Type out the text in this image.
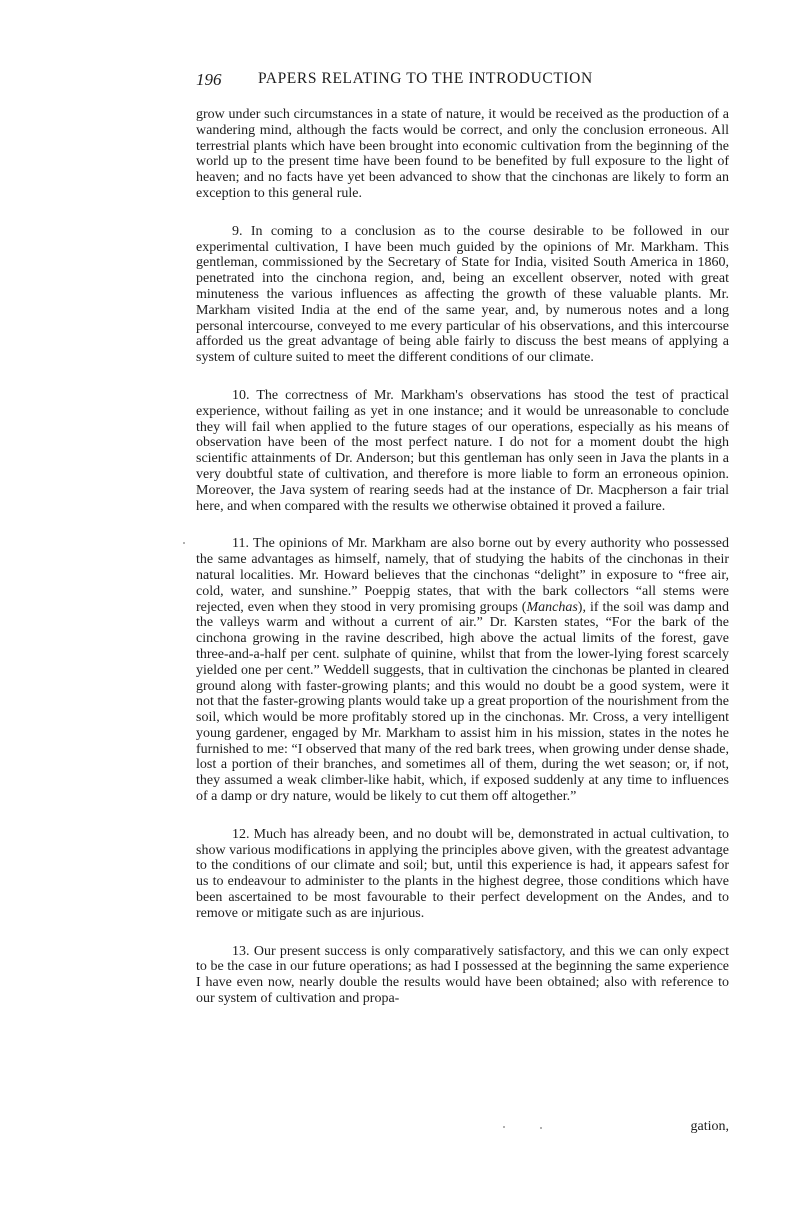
196 PAPERS RELATING TO THE INTRODUCTION

grow under such circumstances in a state of nature, it would be received as the production of a wandering mind, although the facts would be correct, and only the conclusion erroneous. All terrestrial plants which have been brought into economic cultivation from the beginning of the world up to the present time have been found to be benefited by full exposure to the light of heaven; and no facts have yet been advanced to show that the cinchonas are likely to form an exception to this general rule.

9. In coming to a conclusion as to the course desirable to be followed in our experimental cultivation, I have been much guided by the opinions of Mr. Markham. This gentleman, commissioned by the Secretary of State for India, visited South America in 1860, penetrated into the cinchona region, and, being an excellent observer, noted with great minuteness the various influences as affecting the growth of these valuable plants. Mr. Markham visited India at the end of the same year, and, by numerous notes and a long personal intercourse, conveyed to me every particular of his observations, and this intercourse afforded us the great advantage of being able fairly to discuss the best means of applying a system of culture suited to meet the different conditions of our climate.

10. The correctness of Mr. Markham's observations has stood the test of practical experience, without failing as yet in one instance; and it would be unreasonable to conclude they will fail when applied to the future stages of our operations, especially as his means of observation have been of the most perfect nature. I do not for a moment doubt the high scientific attainments of Dr. Anderson; but this gentleman has only seen in Java the plants in a very doubtful state of cultivation, and therefore is more liable to form an erroneous opinion. Moreover, the Java system of rearing seeds had at the instance of Dr. Macpherson a fair trial here, and when compared with the results we otherwise obtained it proved a failure.

11. The opinions of Mr. Markham are also borne out by every authority who possessed the same advantages as himself, namely, that of studying the habits of the cinchonas in their natural localities. Mr. Howard believes that the cinchonas “delight” in exposure to “free air, cold, water, and sunshine.” Poeppig states, that with the bark collectors “all stems were rejected, even when they stood in very promising groups (Manchas), if the soil was damp and the valleys warm and without a current of air.” Dr. Karsten states, “For the bark of the cinchona growing in the ravine described, high above the actual limits of the forest, gave three-and-a-half per cent. sulphate of quinine, whilst that from the lower-lying forest scarcely yielded one per cent.” Weddell suggests, that in cultivation the cinchonas be planted in cleared ground along with faster-growing plants; and this would no doubt be a good system, were it not that the faster-growing plants would take up a great proportion of the nourishment from the soil, which would be more profitably stored up in the cinchonas. Mr. Cross, a very intelligent young gardener, engaged by Mr. Markham to assist him in his mission, states in the notes he furnished to me: “I observed that many of the red bark trees, when growing under dense shade, lost a portion of their branches, and sometimes all of them, during the wet season; or, if not, they assumed a weak climber-like habit, which, if exposed suddenly at any time to influences of a damp or dry nature, would be likely to cut them off altogether.”

12. Much has already been, and no doubt will be, demonstrated in actual cultivation, to show various modifications in applying the principles above given, with the greatest advantage to the conditions of our climate and soil; but, until this experience is had, it appears safest for us to endeavour to administer to the plants in the highest degree, those conditions which have been ascertained to be most favourable to their perfect development on the Andes, and to remove or mitigate such as are injurious.

13. Our present success is only comparatively satisfactory, and this we can only expect to be the case in our future operations; as had I possessed at the beginning the same experience I have even now, nearly double the results would have been obtained; also with reference to our system of cultivation and propa-

gation,
